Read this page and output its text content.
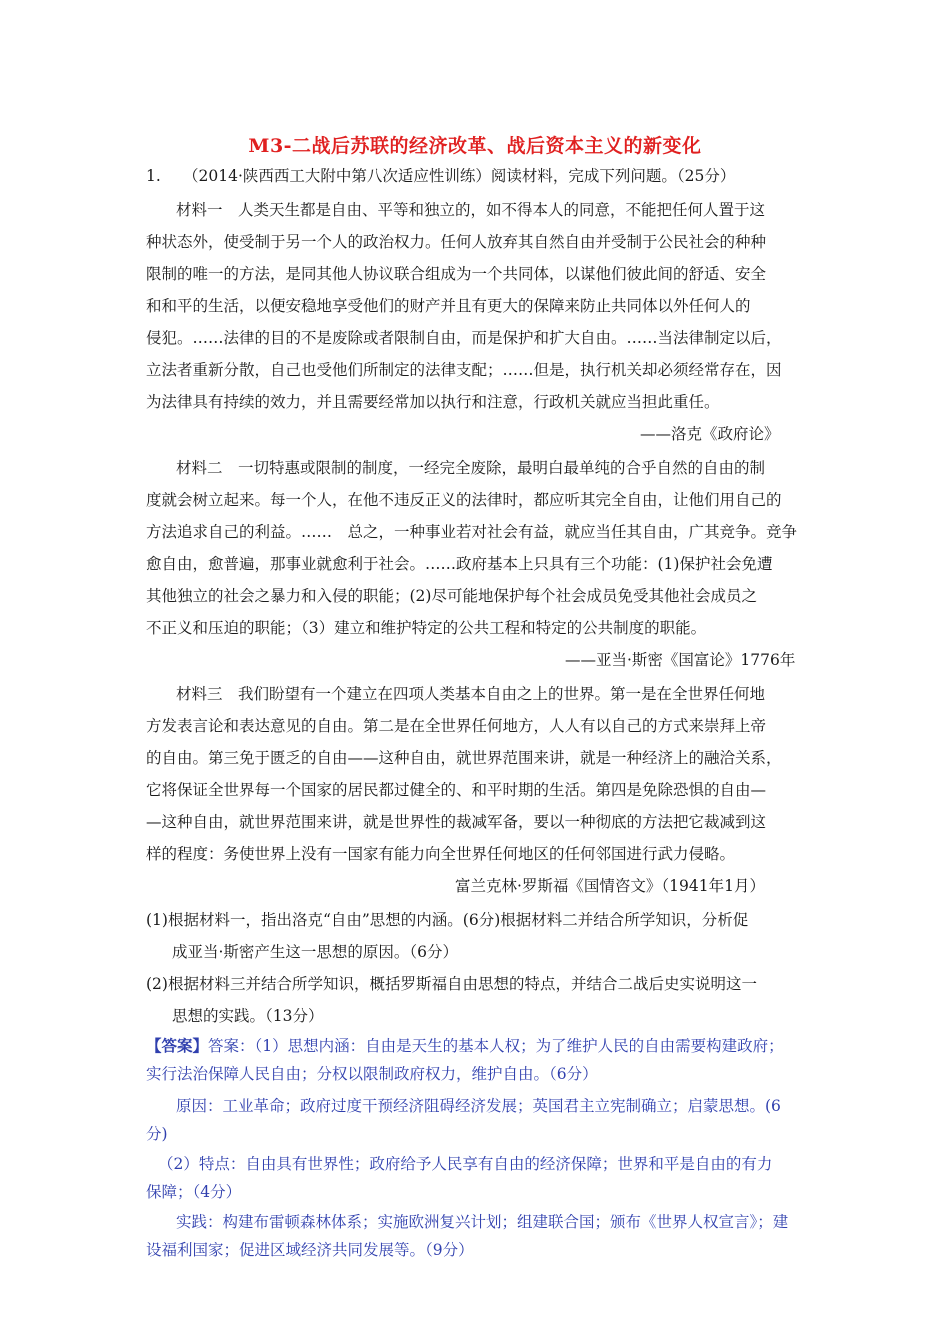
M3-二战后苏联的经济改革、战后资本主义的新变化
1. （2014·陕西西工大附中第八次适应性训练）阅读材料，完成下列问题。（25分）
材料一　人类天生都是自由、平等和独立的，如不得本人的同意，不能把任何人置于这
种状态外，使受制于另一个人的政治权力。任何人放弃其自然自由并受制于公民社会的种种
限制的唯一的方法，是同其他人协议联合组成为一个共同体，以谋他们彼此间的舒适、安全
和和平的生活，以便安稳地享受他们的财产并且有更大的保障来防止共同体以外任何人的
侵犯。……法律的目的不是废除或者限制自由，而是保护和扩大自由。……当法律制定以后，
立法者重新分散，自己也受他们所制定的法律支配；……但是，执行机关却必须经常存在，因
为法律具有持续的效力，并且需要经常加以执行和注意，行政机关就应当担此重任。
——洛克《政府论》
材料二　一切特惠或限制的制度，一经完全废除，最明白最单纯的合乎自然的自由的制
度就会树立起来。每一个人，在他不违反正义的法律时，都应听其完全自由，让他们用自己的
方法追求自己的利益。……　总之，一种事业若对社会有益，就应当任其自由，广其竞争。竞争
愈自由，愈普遍，那事业就愈利于社会。……政府基本上只具有三个功能：(1)保护社会免遭
其他独立的社会之暴力和入侵的职能；(2)尽可能地保护每个社会成员免受其他社会成员之
不正义和压迫的职能；（3）建立和维护特定的公共工程和特定的公共制度的职能。
——亚当·斯密《国富论》1776年
材料三　我们盼望有一个建立在四项人类基本自由之上的世界。第一是在全世界任何地
方发表言论和表达意见的自由。第二是在全世界任何地方，人人有以自己的方式来崇拜上帝
的自由。第三免于匮乏的自由——这种自由，就世界范围来讲，就是一种经济上的融洽关系，
它将保证全世界每一个国家的居民都过健全的、和平时期的生活。第四是免除恐惧的自由—
—这种自由，就世界范围来讲，就是世界性的裁减军备，要以一种彻底的方法把它裁减到这
样的程度：务使世界上没有一国家有能力向全世界任何地区的任何邻国进行武力侵略。
富兰克林·罗斯福《国情咨文》（1941年1月）
(1)根据材料一，指出洛克“自由”思想的内涵。(6分)根据材料二并结合所学知识，分析促
成亚当·斯密产生这一思想的原因。（6分）
(2)根据材料三并结合所学知识，概括罗斯福自由思想的特点，并结合二战后史实说明这一
思想的实践。（13分）
【答案】答案：（1）思想内涵：自由是天生的基本人权；为了维护人民的自由需要构建政府；
实行法治保障人民自由；分权以限制政府权力，维护自由。（6分）
原因：工业革命；政府过度干预经济阻碍经济发展；英国君主立宪制确立；启蒙思想。(6
分)
（2）特点：自由具有世界性；政府给予人民享有自由的经济保障；世界和平是自由的有力
保障；（4分）
实践：构建布雷顿森林体系；实施欧洲复兴计划；组建联合国；颁布《世界人权宣言》；建
设福利国家；促进区域经济共同发展等。（9分）
